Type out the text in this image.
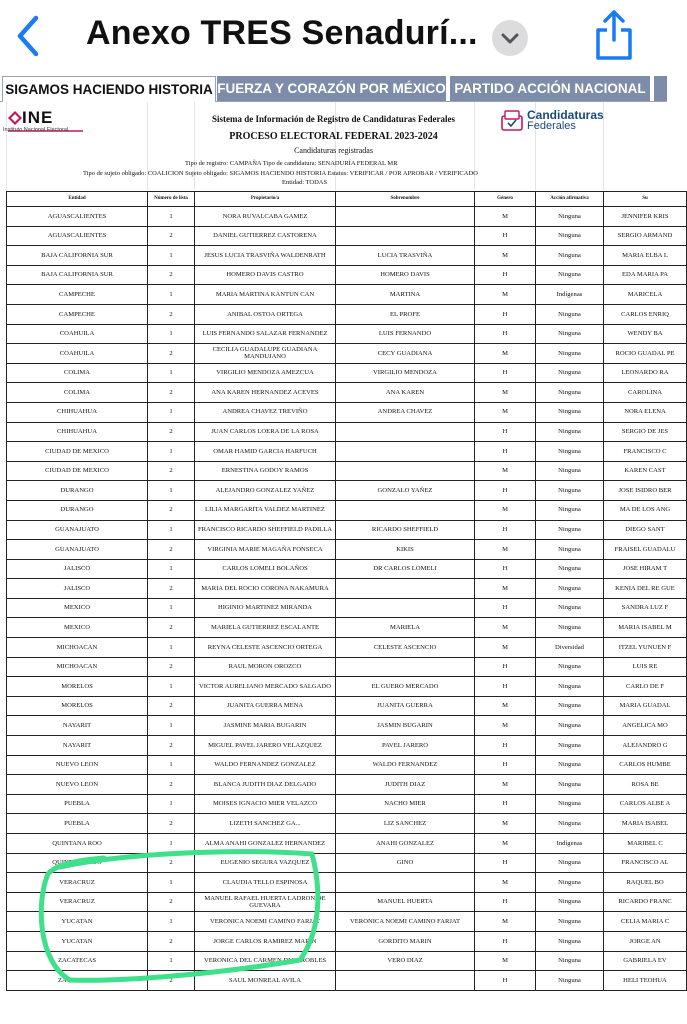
Anexo TRES Senadurí...
SIGAMOS HACIENDO HISTORIA FUERZA Y CORAZÓN POR MÉXICO PARTIDO ACCIÓN NACIONAL
INE
Instituto Nacional Electoral
Candidaturas
Federales
Sistema de Información de Registro de Candidaturas Federales
PROCESO ELECTORAL FEDERAL 2023-2024
Candidaturas registradas
Tipo de registro: CAMPAÑA Tipo de candidatura: SENADURÍA FEDERAL MR
Tipo de sujeto obligado: COALICION Sujeto obligado: SIGAMOS HACIENDO HISTORIA Estatus: VERIFICAR / POR APROBAR / VERIFICADO
Entidad: TODAS
Entidad	Número de lista	Propietario/a	Sobrenombre	Género	Acción afirmativa	Su
AGUASCALIENTES	1	NORA RUVALCABA GAMEZ		M	Ninguna	JENNIFER KRIS
AGUASCALIENTES	2	DANIEL GUTIERREZ CASTORENA		H	Ninguna	SERGIO ARMAND
BAJA CALIFORNIA SUR	1	JESUS LUCIA TRASVIÑA WALDENRATH	LUCIA TRASVIÑA	M	Ninguna	MARIA ELBA L
BAJA CALIFORNIA SUR	2	HOMERO DAVIS CASTRO	HOMERO DAVIS	H	Ninguna	EDA MARIA PA
CAMPECHE	1	MARIA MARTINA KANTUN CAN	MARTINA	M	Indígenas	MARICELA
CAMPECHE	2	ANIBAL OSTOA ORTEGA	EL PROFE	H	Ninguna	CARLOS ENRIQ
COAHUILA	1	LUIS FERNANDO SALAZAR FERNANDEZ	LUIS FERNANDO	H	Ninguna	WENDY BA
COAHUILA	2	CECILIA GUADALUPE GUADIANA MANDUJANO	CECY GUADIANA	M	Ninguna	ROCIO GUADAL PE
COLIMA	1	VIRGILIO MENDOZA AMEZCUA	VIRGILIO MENDOZA	H	Ninguna	LEONARDO RA
COLIMA	2	ANA KAREN HERNANDEZ ACEVES	ANA KAREN	M	Ninguna	CAROLINA
CHIHUAHUA	1	ANDREA CHAVEZ TREVIÑO	ANDREA CHAVEZ	M	Ninguna	NORA ELENA
CHIHUAHUA	2	JUAN CARLOS LOERA DE LA ROSA		H	Ninguna	SERGIO DE JES
CIUDAD DE MEXICO	1	OMAR HAMID GARCIA HARFUCH		H	Ninguna	FRANCISCO C
CIUDAD DE MEXICO	2	ERNESTINA GODOY RAMOS		M	Ninguna	KAREN CAST
DURANGO	1	ALEJANDRO GONZALEZ YAÑEZ	GONZALO YAÑEZ	H	Ninguna	JOSE ISIDRO BER
DURANGO	2	LILIA MARGARITA VALDEZ MARTINEZ		M	Ninguna	MA DE LOS ANG
GUANAJUATO	1	FRANCISCO RICARDO SHEFFIELD PADILLA	RICARDO SHEFFIELD	H	Ninguna	DIEGO SANT
GUANAJUATO	2	VIRGINIA MARIE MAGAÑA FONSECA	KIKIS	M	Ninguna	FRAISEL GUADALU
JALISCO	1	CARLOS LOMELI BOLAÑOS	DR CARLOS LOMELI	H	Ninguna	JOSE HIRAM T
JALISCO	2	MARIA DEL ROCIO CORONA NAKAMURA		M	Ninguna	KENIA DEL RE GUE
MEXICO	1	HIGINIO MARTINEZ MIRANDA		H	Ninguna	SANDRA LUZ F
MEXICO	2	MARIELA GUTIERREZ ESCALANTE	MARIELA	M	Ninguna	MARIA ISABEL M
MICHOACAN	1	REYNA CELESTE ASCENCIO ORTEGA	CELESTE ASCENCIO	M	Diversidad	ITZEL YUNUEN F
MICHOACAN	2	RAUL MORON OROZCO		H	Ninguna	LUIS RE
MORELOS	1	VICTOR AURELIANO MERCADO SALGADO	EL GUERO MERCADO	H	Ninguna	CARLO DE F
MORELOS	2	JUANITA GUERRA MENA	JUANITA GUERRA	M	Ninguna	MARIA GUADAL
NAYARIT	1	JASMINE MARIA BUGARIN	JASMIN BUGARIN	M	Ninguna	ANGELICA MO
NAYARIT	2	MIGUEL PAVEL JARERO VELAZQUEZ	PAVEL JARERO	H	Ninguna	ALEJANDRO G
NUEVO LEON	1	WALDO FERNANDEZ GONZALEZ	WALDO FERNANDEZ	H	Ninguna	CARLOS HUMBE
NUEVO LEON	2	BLANCA JUDITH DIAZ DELGADO	JUDITH DIAZ	M	Ninguna	ROSA BE
PUEBLA	1	MOISES IGNACIO MIER VELAZCO	NACHO MIER	H	Ninguna	CARLOS ALBE A
PUEBLA	2	LIZETH SANCHEZ GA...	LIZ SANCHEZ	M	Ninguna	MARIA ISABEL
QUINTANA ROO	1	ALMA ANAHI GONZALEZ HERNANDEZ	ANAHI GONZALEZ	M	Indígenas	MARIBEL C
QUINTANA ROO	2	EUGENIO SEGURA VAZQUEZ	GINO	H	Ninguna	FRANCISCO AL
VERACRUZ	1	CLAUDIA TELLO ESPINOSA		M	Ninguna	RAQUEL BO
VERACRUZ	2	MANUEL RAFAEL HUERTA LADRON DE GUEVARA	MANUEL HUERTA	H	Ninguna	RICARDO FRANC
YUCATAN	1	VERONICA NOEMI CAMINO FARJAT	VERONICA NOEMI CAMINO FARJAT	M	Ninguna	CELIA MARIA C
YUCATAN	2	JORGE CARLOS RAMIREZ MARIN	GORDITO MARIN	H	Ninguna	JORGE AN
ZACATECAS	1	VERONICA DEL CARMEN DIAZ ROBLES	VERO DIAZ	M	Ninguna	GABRIELA EV
ZACATECAS	2	SAUL MONREAL AVILA		H	Ninguna	HELI TEOHUA
